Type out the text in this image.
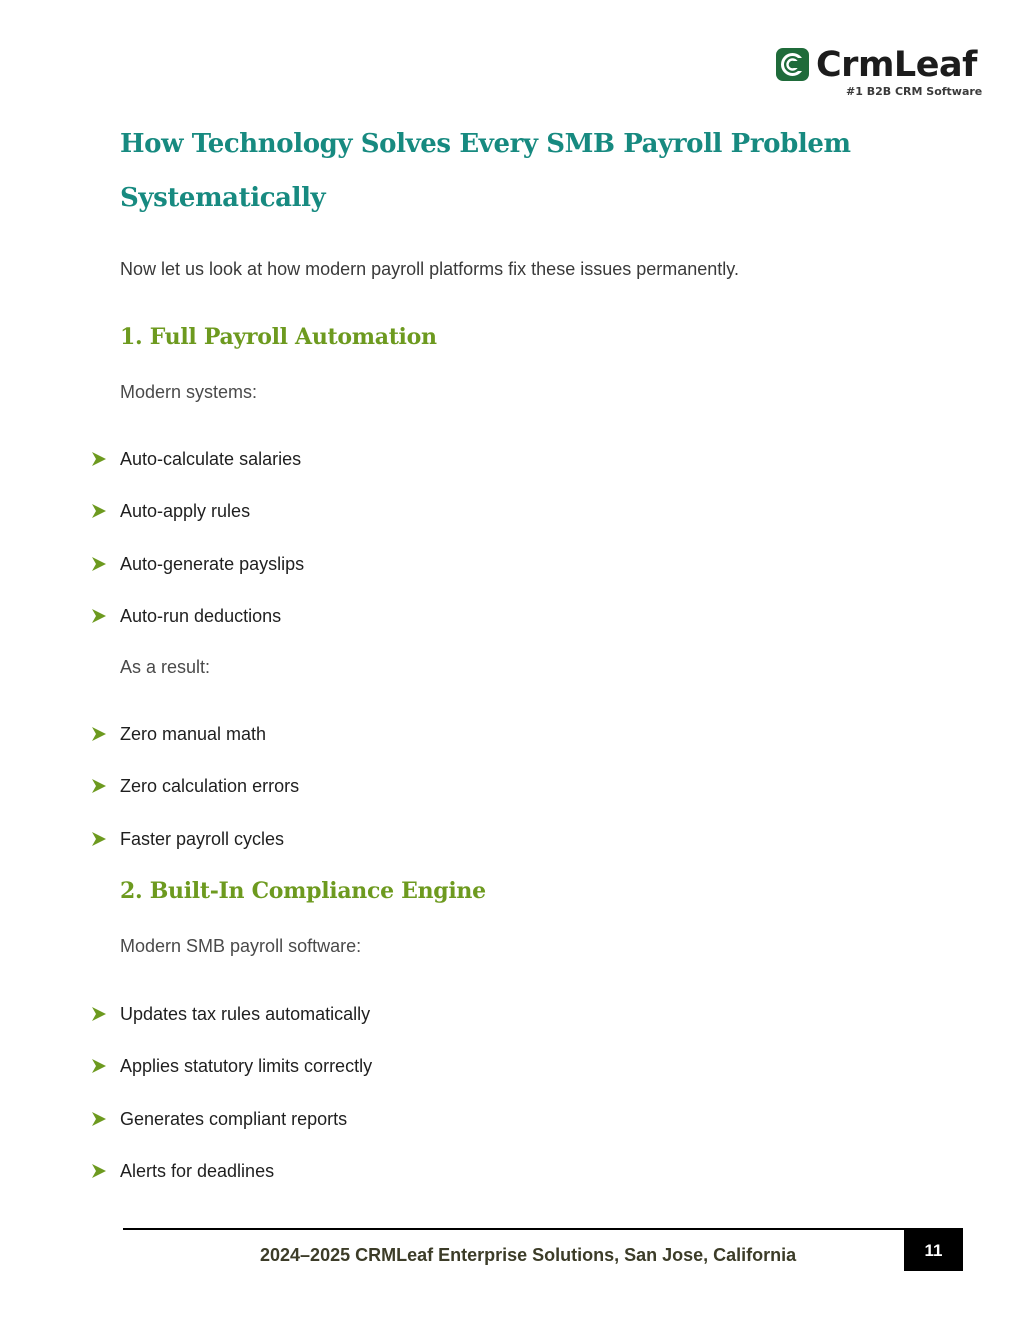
CrmLeaf
#1 B2B CRM Software
How Technology Solves Every SMB Payroll Problem Systematically
Now let us look at how modern payroll platforms fix these issues permanently.
1. Full Payroll Automation
Modern systems:
Auto-calculate salaries
Auto-apply rules
Auto-generate payslips
Auto-run deductions
As a result:
Zero manual math
Zero calculation errors
Faster payroll cycles
2. Built-In Compliance Engine
Modern SMB payroll software:
Updates tax rules automatically
Applies statutory limits correctly
Generates compliant reports
Alerts for deadlines
2024–2025 CRMLeaf Enterprise Solutions, San Jose, California	11
